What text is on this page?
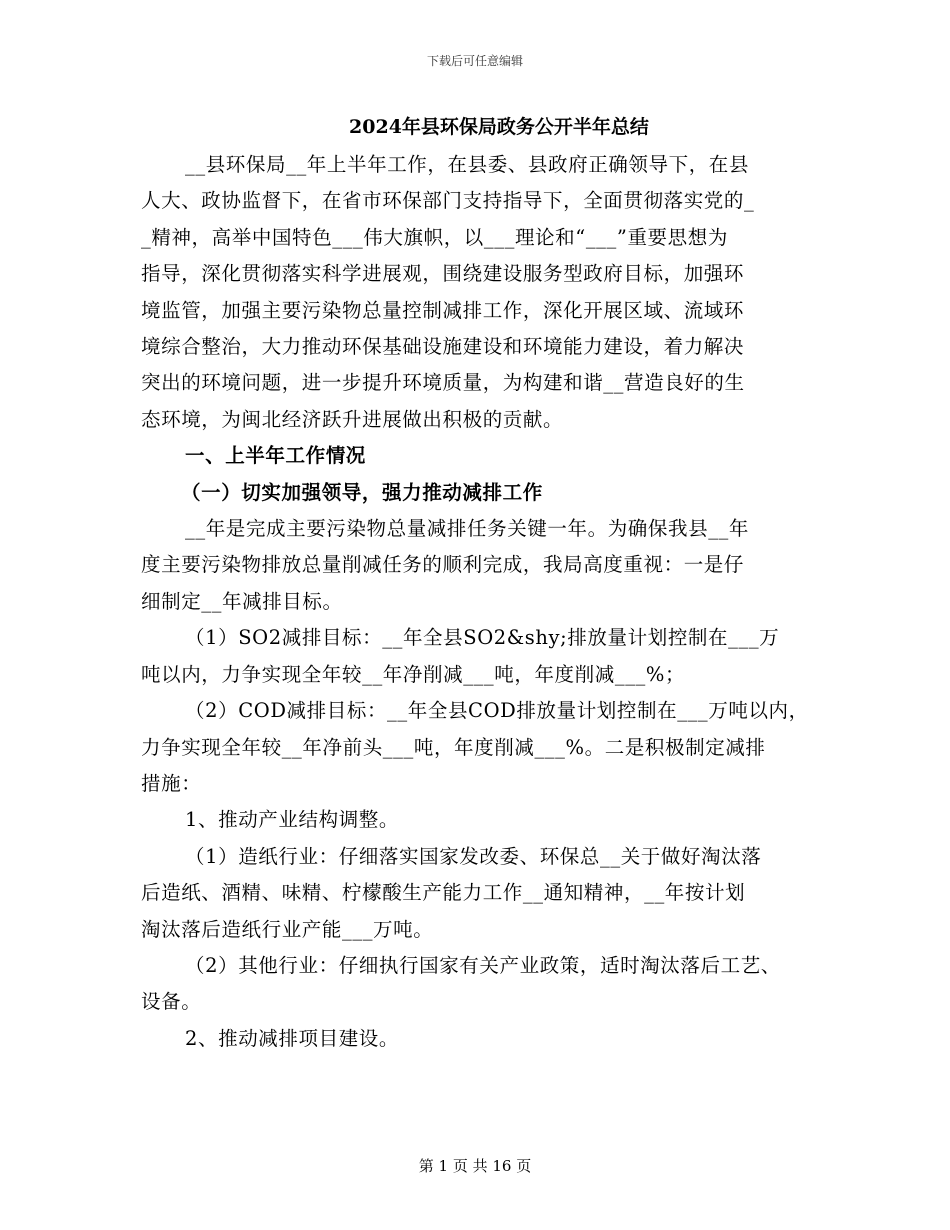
下载后可任意编辑
2024年县环保局政务公开半年总结

__县环保局__年上半年工作，在县委、县政府正确领导下，在县

人大、政协监督下，在省市环保部门支持指导下，全面贯彻落实党的_

_精神，高举中国特色___伟大旗帜，以___理论和“___”重要思想为

指导，深化贯彻落实科学进展观，围绕建设服务型政府目标，加强环

境监管，加强主要污染物总量控制减排工作，深化开展区域、流域环

境综合整治，大力推动环保基础设施建设和环境能力建设，着力解决

突出的环境问题，进一步提升环境质量，为构建和谐__营造良好的生

态环境，为闽北经济跃升进展做出积极的贡献。

一、上半年工作情况

（一）切实加强领导，强力推动减排工作

__年是完成主要污染物总量减排任务关键一年。为确保我县__年

度主要污染物排放总量削减任务的顺利完成，我局高度重视：一是仔

细制定__年减排目标。

（1）SO2减排目标：__年全县SO2&shy;排放量计划控制在___万

吨以内，力争实现全年较__年净削减___吨，年度削减___%；

（2）COD减排目标：__年全县COD排放量计划控制在___万吨以内，

力争实现全年较__年净前头___吨，年度削减___%。二是积极制定减排

措施：

1、推动产业结构调整。

（1）造纸行业：仔细落实国家发改委、环保总__关于做好淘汰落

后造纸、酒精、味精、柠檬酸生产能力工作__通知精神，__年按计划

淘汰落后造纸行业产能___万吨。

（2）其他行业：仔细执行国家有关产业政策，适时淘汰落后工艺、

设备。

2、推动减排项目建设。

第 1 页 共 16 页
